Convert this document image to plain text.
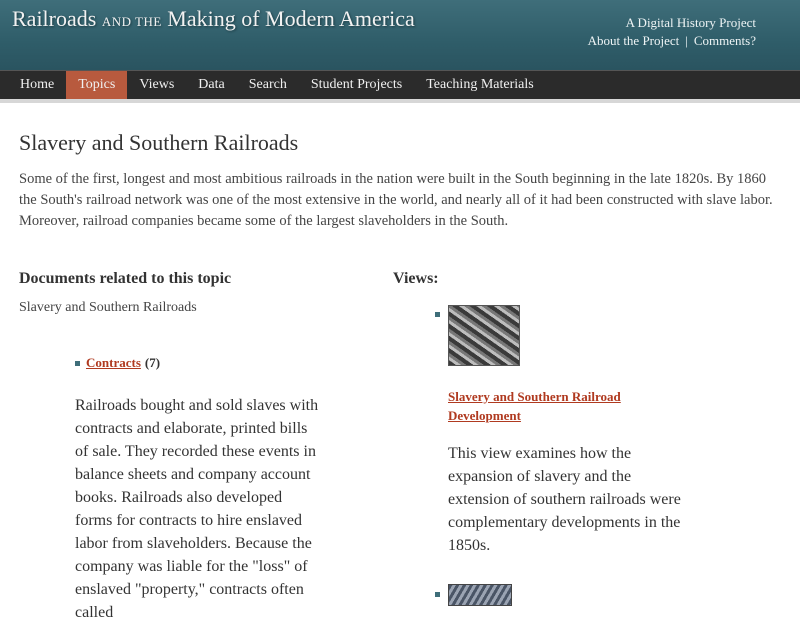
Railroads AND THE Making of Modern America	A Digital History Project
About the Project | Comments?
Home	Topics	Views	Data	Search	Student Projects	Teaching Materials
Slavery and Southern Railroads

Some of the first, longest and most ambitious railroads in the nation were built in the South beginning in the late 1820s. By 1860 the South's railroad network was one of the most extensive in the world, and nearly all of it had been constructed with slave labor. Moreover, railroad companies became some of the largest slaveholders in the South.

Documents related to this topic
Slavery and Southern Railroads
Contracts (7)

Railroads bought and sold slaves with contracts and elaborate, printed bills of sale. They recorded these events in balance sheets and company account books. Railroads also developed forms for contracts to hire enslaved labor from slaveholders. Because the company was liable for the "loss" of enslaved "property," contracts often called

Views:
Slavery and Southern Railroad Development

This view examines how the expansion of slavery and the extension of southern railroads were complementary developments in the 1850s.
